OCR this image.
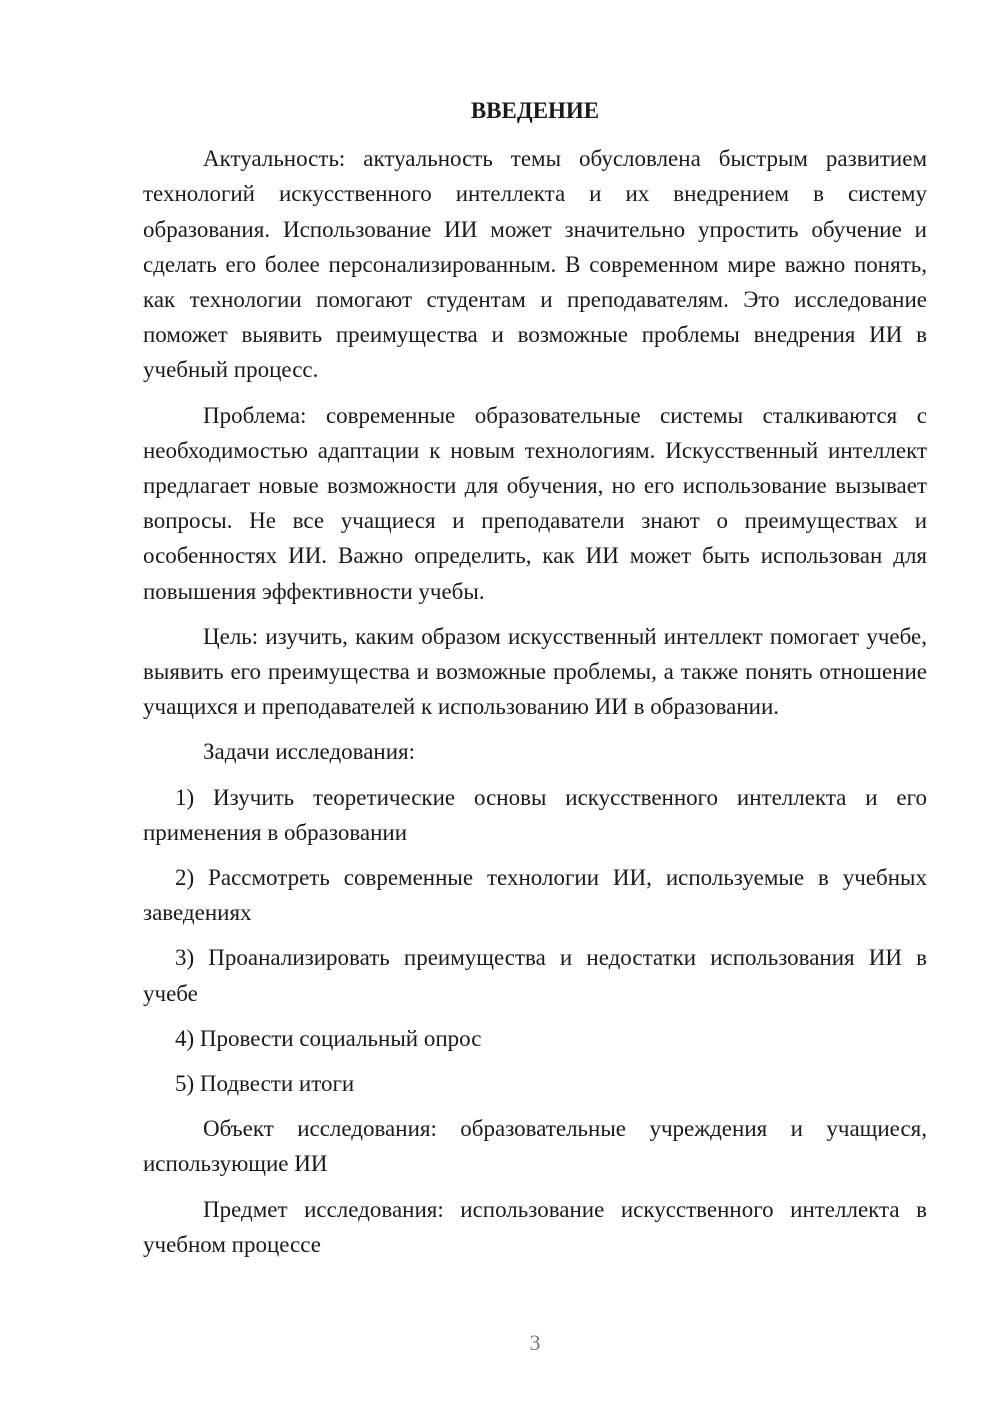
ВВЕДЕНИЕ

Актуальность: актуальность темы обусловлена быстрым развитием технологий искусственного интеллекта и их внедрением в систему образования. Использование ИИ может значительно упростить обучение и сделать его более персонализированным. В современном мире важно понять, как технологии помогают студентам и преподавателям. Это исследование поможет выявить преимущества и возможные проблемы внедрения ИИ в учебный процесс.

Проблема: современные образовательные системы сталкиваются с необходимостью адаптации к новым технологиям. Искусственный интеллект предлагает новые возможности для обучения, но его использование вызывает вопросы. Не все учащиеся и преподаватели знают о преимуществах и особенностях ИИ. Важно определить, как ИИ может быть использован для повышения эффективности учебы.

Цель: изучить, каким образом искусственный интеллект помогает учебе, выявить его преимущества и возможные проблемы, а также понять отношение учащихся и преподавателей к использованию ИИ в образовании.

Задачи исследования:

1) Изучить теоретические основы искусственного интеллекта и его применения в образовании

2) Рассмотреть современные технологии ИИ, используемые в учебных заведениях

3) Проанализировать преимущества и недостатки использования ИИ в учебе

4) Провести социальный опрос

5) Подвести итоги

Объект исследования: образовательные учреждения и учащиеся, использующие ИИ

Предмет исследования: использование искусственного интеллекта в учебном процессе

3
